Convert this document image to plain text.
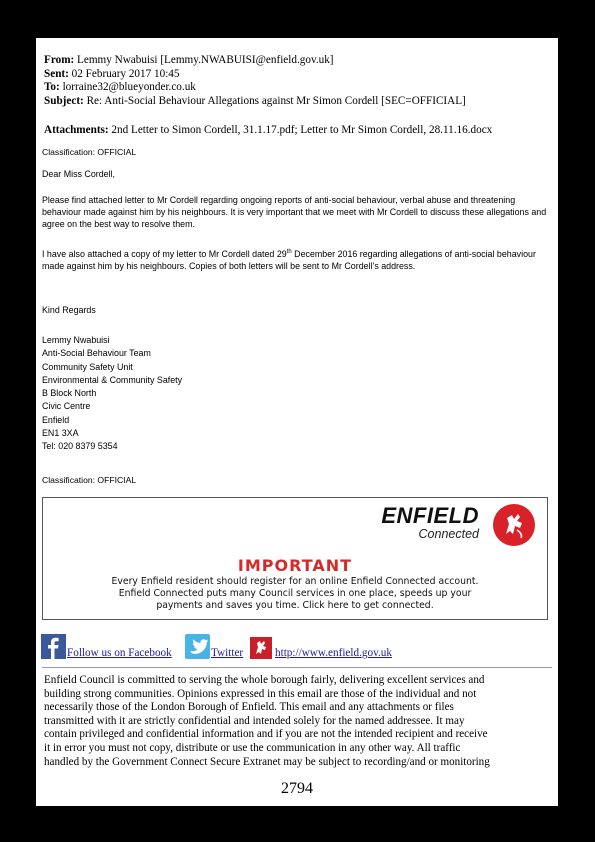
From: Lemmy Nwabuisi [Lemmy.NWABUISI@enfield.gov.uk]
Sent: 02 February 2017 10:45
To: lorraine32@blueyonder.co.uk
Subject: Re: Anti-Social Behaviour Allegations against Mr Simon Cordell [SEC=OFFICIAL]
Attachments: 2nd Letter to Simon Cordell, 31.1.17.pdf; Letter to Mr Simon Cordell, 28.11.16.docx
Classification: OFFICIAL

Dear Miss Cordell,

Please find attached letter to Mr Cordell regarding ongoing reports of anti-social behaviour, verbal abuse and threatening behaviour made against him by his neighbours. It is very important that we meet with Mr Cordell to discuss these allegations and agree on the best way to resolve them.

I have also attached a copy of my letter to Mr Cordell dated 29th December 2016 regarding allegations of anti-social behaviour made against him by his neighbours. Copies of both letters will be sent to Mr Cordell’s address.

Kind Regards

Lemmy Nwabuisi
Anti-Social Behaviour Team
Community Safety Unit
Environmental & Community Safety
B Block North
Civic Centre
Enfield
EN1 3XA
Tel: 020 8379 5354
Classification: OFFICIAL
ENFIELD
Connected
IMPORTANT
Every Enfield resident should register for an online Enfield Connected account.
Enfield Connected puts many Council services in one place, speeds up your
payments and saves you time. Click here to get connected.
Follow us on Facebook	Twitter	http://www.enfield.gov.uk
Enfield Council is committed to serving the whole borough fairly, delivering excellent services and
building strong communities. Opinions expressed in this email are those of the individual and not
necessarily those of the London Borough of Enfield. This email and any attachments or files
transmitted with it are strictly confidential and intended solely for the named addressee. It may
contain privileged and confidential information and if you are not the intended recipient and receive
it in error you must not copy, distribute or use the communication in any other way. All traffic
handled by the Government Connect Secure Extranet may be subject to recording/and or monitoring
2794
